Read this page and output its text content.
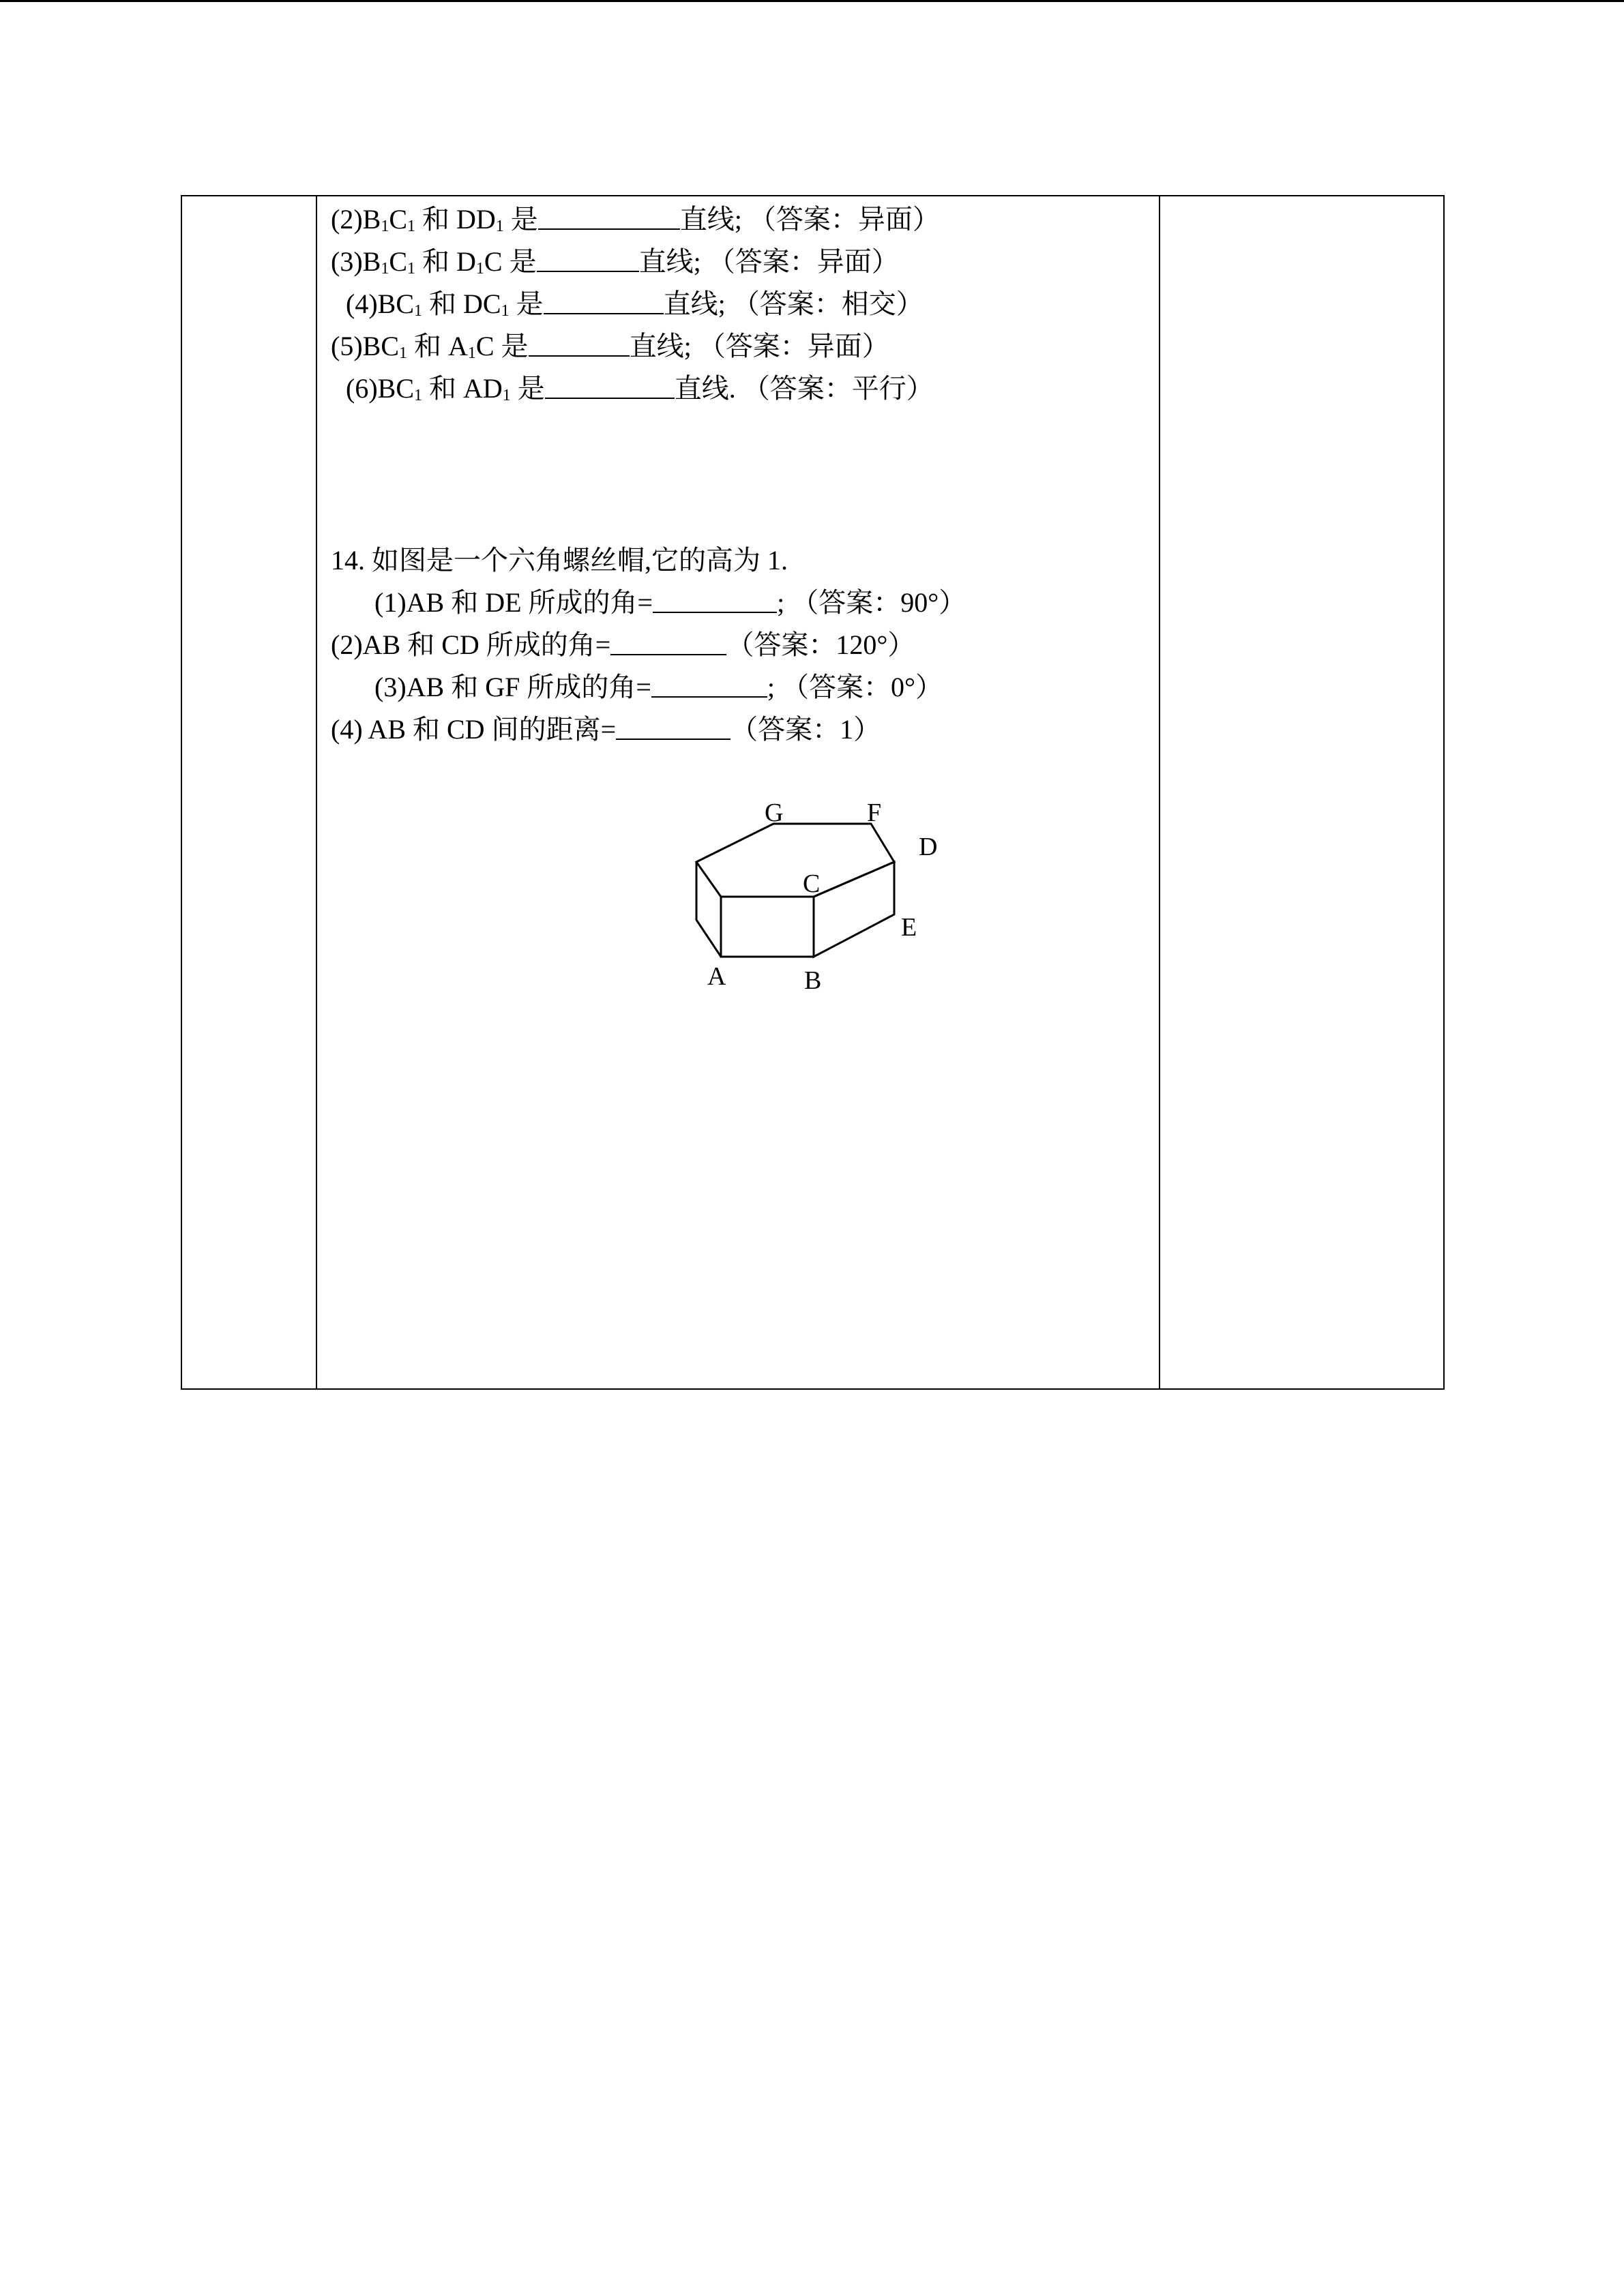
$(2)B_1C_1$ 和 $DD_1$ 是	直线; （答案：异面）
$(3)B_1C_1$ 和 $D_1C$ 是	直线; （答案：异面）
$(4)BC_1$ 和 $DC_1$ 是	直线; （答案：相交）
$(5)BC_1$ 和 $A_1C$ 是	直线; （答案：异面）
$(6)BC_1$ 和 $AD_1$ 是	直线. （答案：平行）
14. 如图是一个六角螺丝帽,它的高为 1.
(1)AB 和 DE 所成的角=	; （答案：90°）
(2)AB 和 CD 所成的角=	（答案：120°）
(3)AB 和 GF 所成的角=	; （答案：0°）
(4) AB 和 CD 间的距离=	（答案：1）
G	F
D
C
E
A	B
